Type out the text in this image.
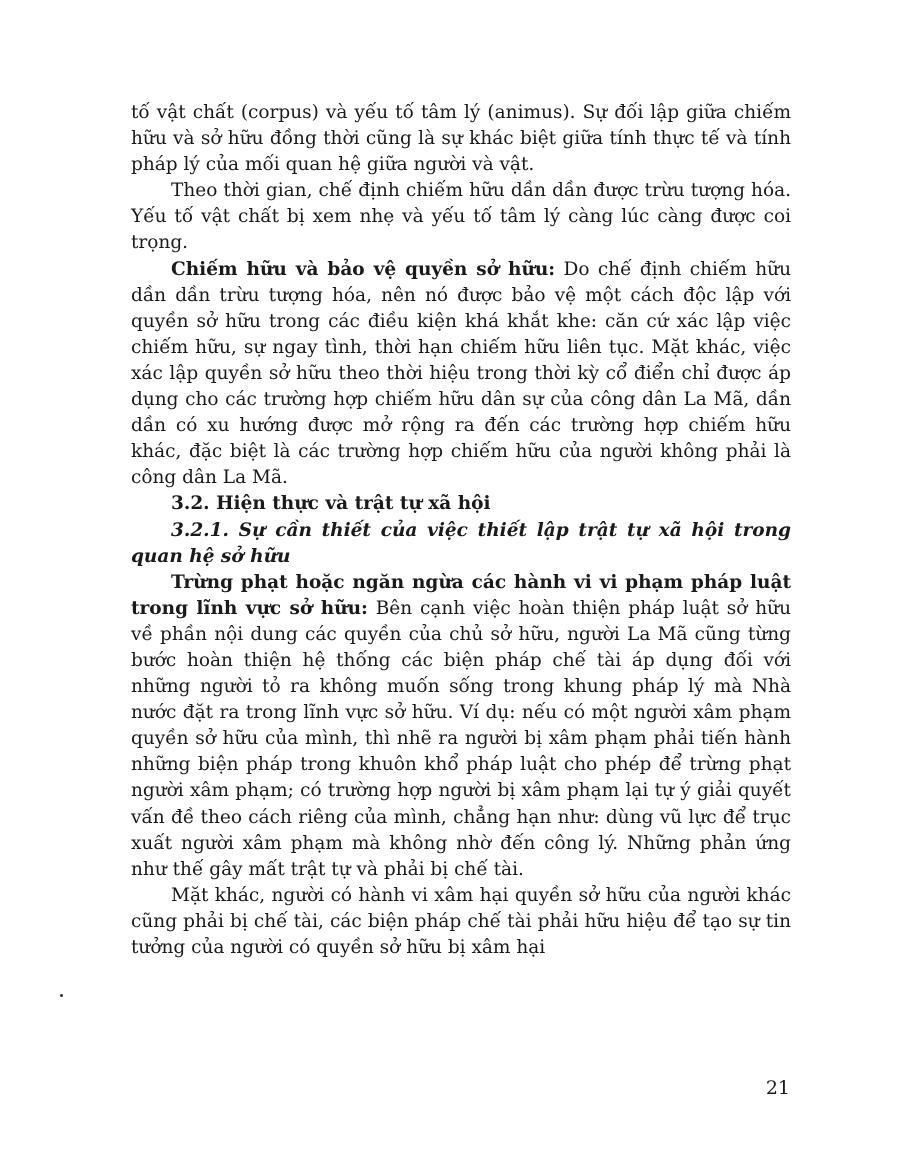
tố vật chất (corpus) và yếu tố tâm lý (animus). Sự đối lập giữa chiếm hữu và sở hữu đồng thời cũng là sự khác biệt giữa tính thực tế và tính pháp lý của mối quan hệ giữa người và vật.

Theo thời gian, chế định chiếm hữu dần dần được trừu tượng hóa. Yếu tố vật chất bị xem nhẹ và yếu tố tâm lý càng lúc càng được coi trọng.

Chiếm hữu và bảo vệ quyền sở hữu: Do chế định chiếm hữu dần dần trừu tượng hóa, nên nó được bảo vệ một cách độc lập với quyền sở hữu trong các điều kiện khá khắt khe: căn cứ xác lập việc chiếm hữu, sự ngay tình, thời hạn chiếm hữu liên tục. Mặt khác, việc xác lập quyền sở hữu theo thời hiệu trong thời kỳ cổ điển chỉ được áp dụng cho các trường hợp chiếm hữu dân sự của công dân La Mã, dần dần có xu hướng được mở rộng ra đến các trường hợp chiếm hữu khác, đặc biệt là các trường hợp chiếm hữu của người không phải là công dân La Mã.

3.2. Hiện thực và trật tự xã hội

3.2.1. Sự cần thiết của việc thiết lập trật tự xã hội trong quan hệ sở hữu

Trừng phạt hoặc ngăn ngừa các hành vi vi phạm pháp luật trong lĩnh vực sở hữu: Bên cạnh việc hoàn thiện pháp luật sở hữu về phần nội dung các quyền của chủ sở hữu, người La Mã cũng từng bước hoàn thiện hệ thống các biện pháp chế tài áp dụng đối với những người tỏ ra không muốn sống trong khung pháp lý mà Nhà nước đặt ra trong lĩnh vực sở hữu. Ví dụ: nếu có một người xâm phạm quyền sở hữu của mình, thì nhẽ ra người bị xâm phạm phải tiến hành những biện pháp trong khuôn khổ pháp luật cho phép để trừng phạt người xâm phạm; có trường hợp người bị xâm phạm lại tự ý giải quyết vấn đề theo cách riêng của mình, chẳng hạn như: dùng vũ lực để trục xuất người xâm phạm mà không nhờ đến công lý. Những phản ứng như thế gây mất trật tự và phải bị chế tài.

Mặt khác, người có hành vi xâm hại quyền sở hữu của người khác cũng phải bị chế tài, các biện pháp chế tài phải hữu hiệu để tạo sự tin tưởng của người có quyền sở hữu bị xâm hại

21
